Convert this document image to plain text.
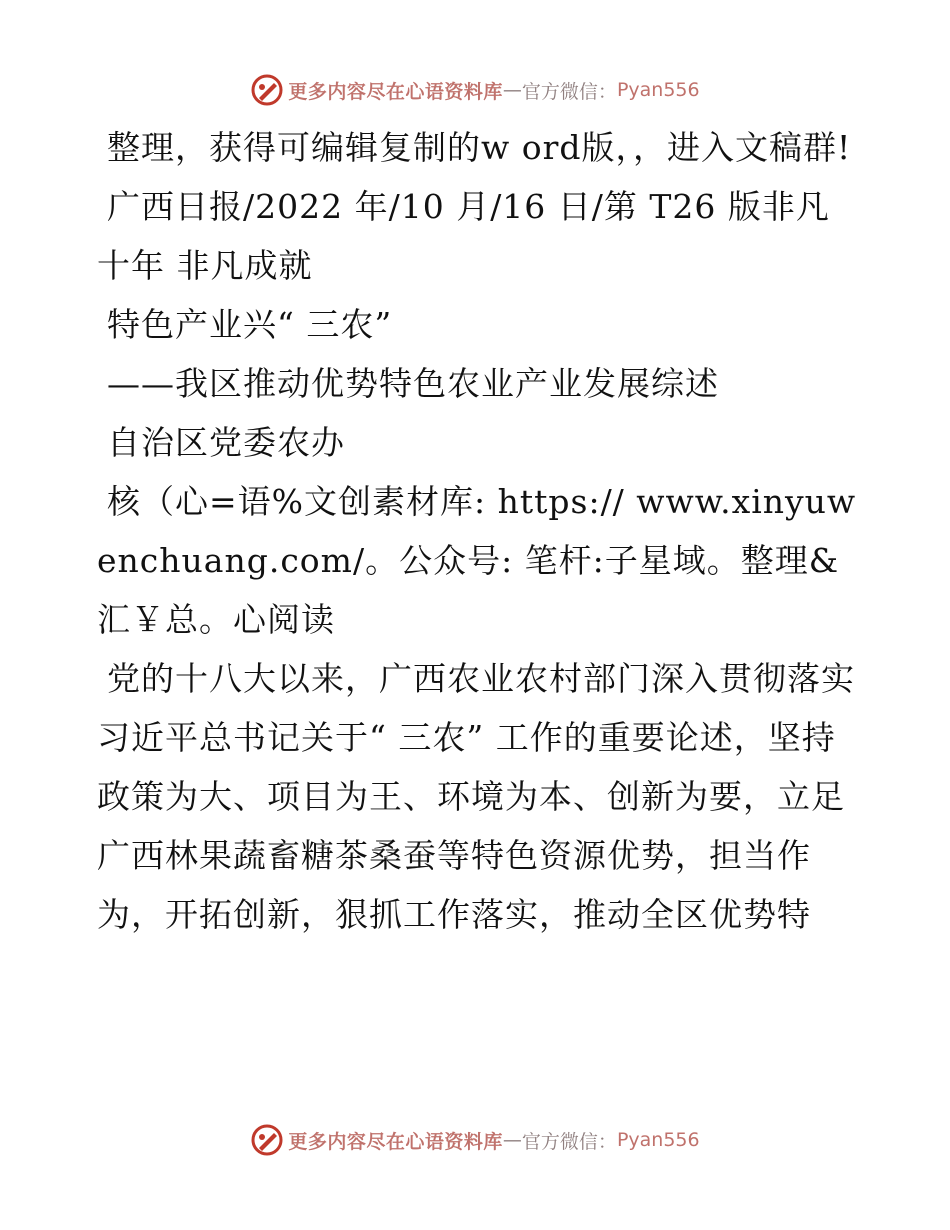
更多内容尽在心语资料库 — 官方微信： Pyan556

整理，获得可编辑复制的w ord版，，进入文稿群!

广西日报/2022 年/10 月/16 日/第 T26 版非凡十年 非凡成就

特色产业兴“ 三农”

——我区推动优势特色农业产业发展综述

自治区党委农办

核（心=语%文创素材库: https:// www.xinyuwenchuang.com/。公众号: 笔杆:子星域。整理&汇￥总。心阅读

党的十八大以来，广西农业农村部门深入贯彻落实习近平总书记关于“ 三农” 工作的重要论述，坚持政策为大、项目为王、环境为本、创新为要，立足广西林果蔬畜糖茶桑蚕等特色资源优势，担当作为，开拓创新，狠抓工作落实，推动全区优势特

更多内容尽在心语资料库 — 官方微信： Pyan556
